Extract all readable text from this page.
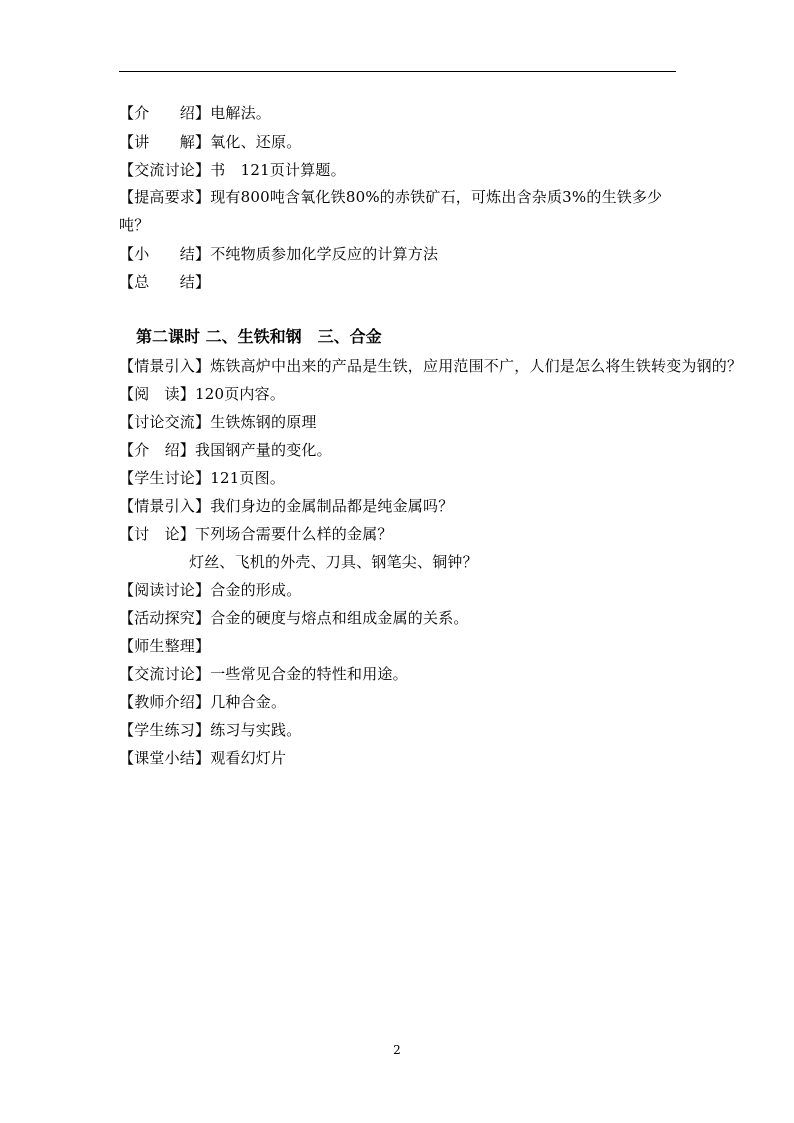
【介　　绍】电解法。
【讲　　解】氧化、还原。
【交流讨论】书　121页计算题。
【提高要求】现有800吨含氧化铁80%的赤铁矿石，可炼出含杂质3%的生铁多少吨？
【小　　结】不纯物质参加化学反应的计算方法
【总　　结】
第二课时 二、生铁和钢　三、合金
【情景引入】炼铁高炉中出来的产品是生铁，应用范围不广，人们是怎么将生铁转变为钢的？
【阅　读】120页内容。
【讨论交流】生铁炼钢的原理
【介　绍】我国钢产量的变化。
【学生讨论】121页图。
【情景引入】我们身边的金属制品都是纯金属吗？
【讨　论】下列场合需要什么样的金属？
灯丝、飞机的外壳、刀具、钢笔尖、铜钟？
【阅读讨论】合金的形成。
【活动探究】合金的硬度与熔点和组成金属的关系。
【师生整理】
【交流讨论】一些常见合金的特性和用途。
【教师介绍】几种合金。
【学生练习】练习与实践。
【课堂小结】观看幻灯片
2
